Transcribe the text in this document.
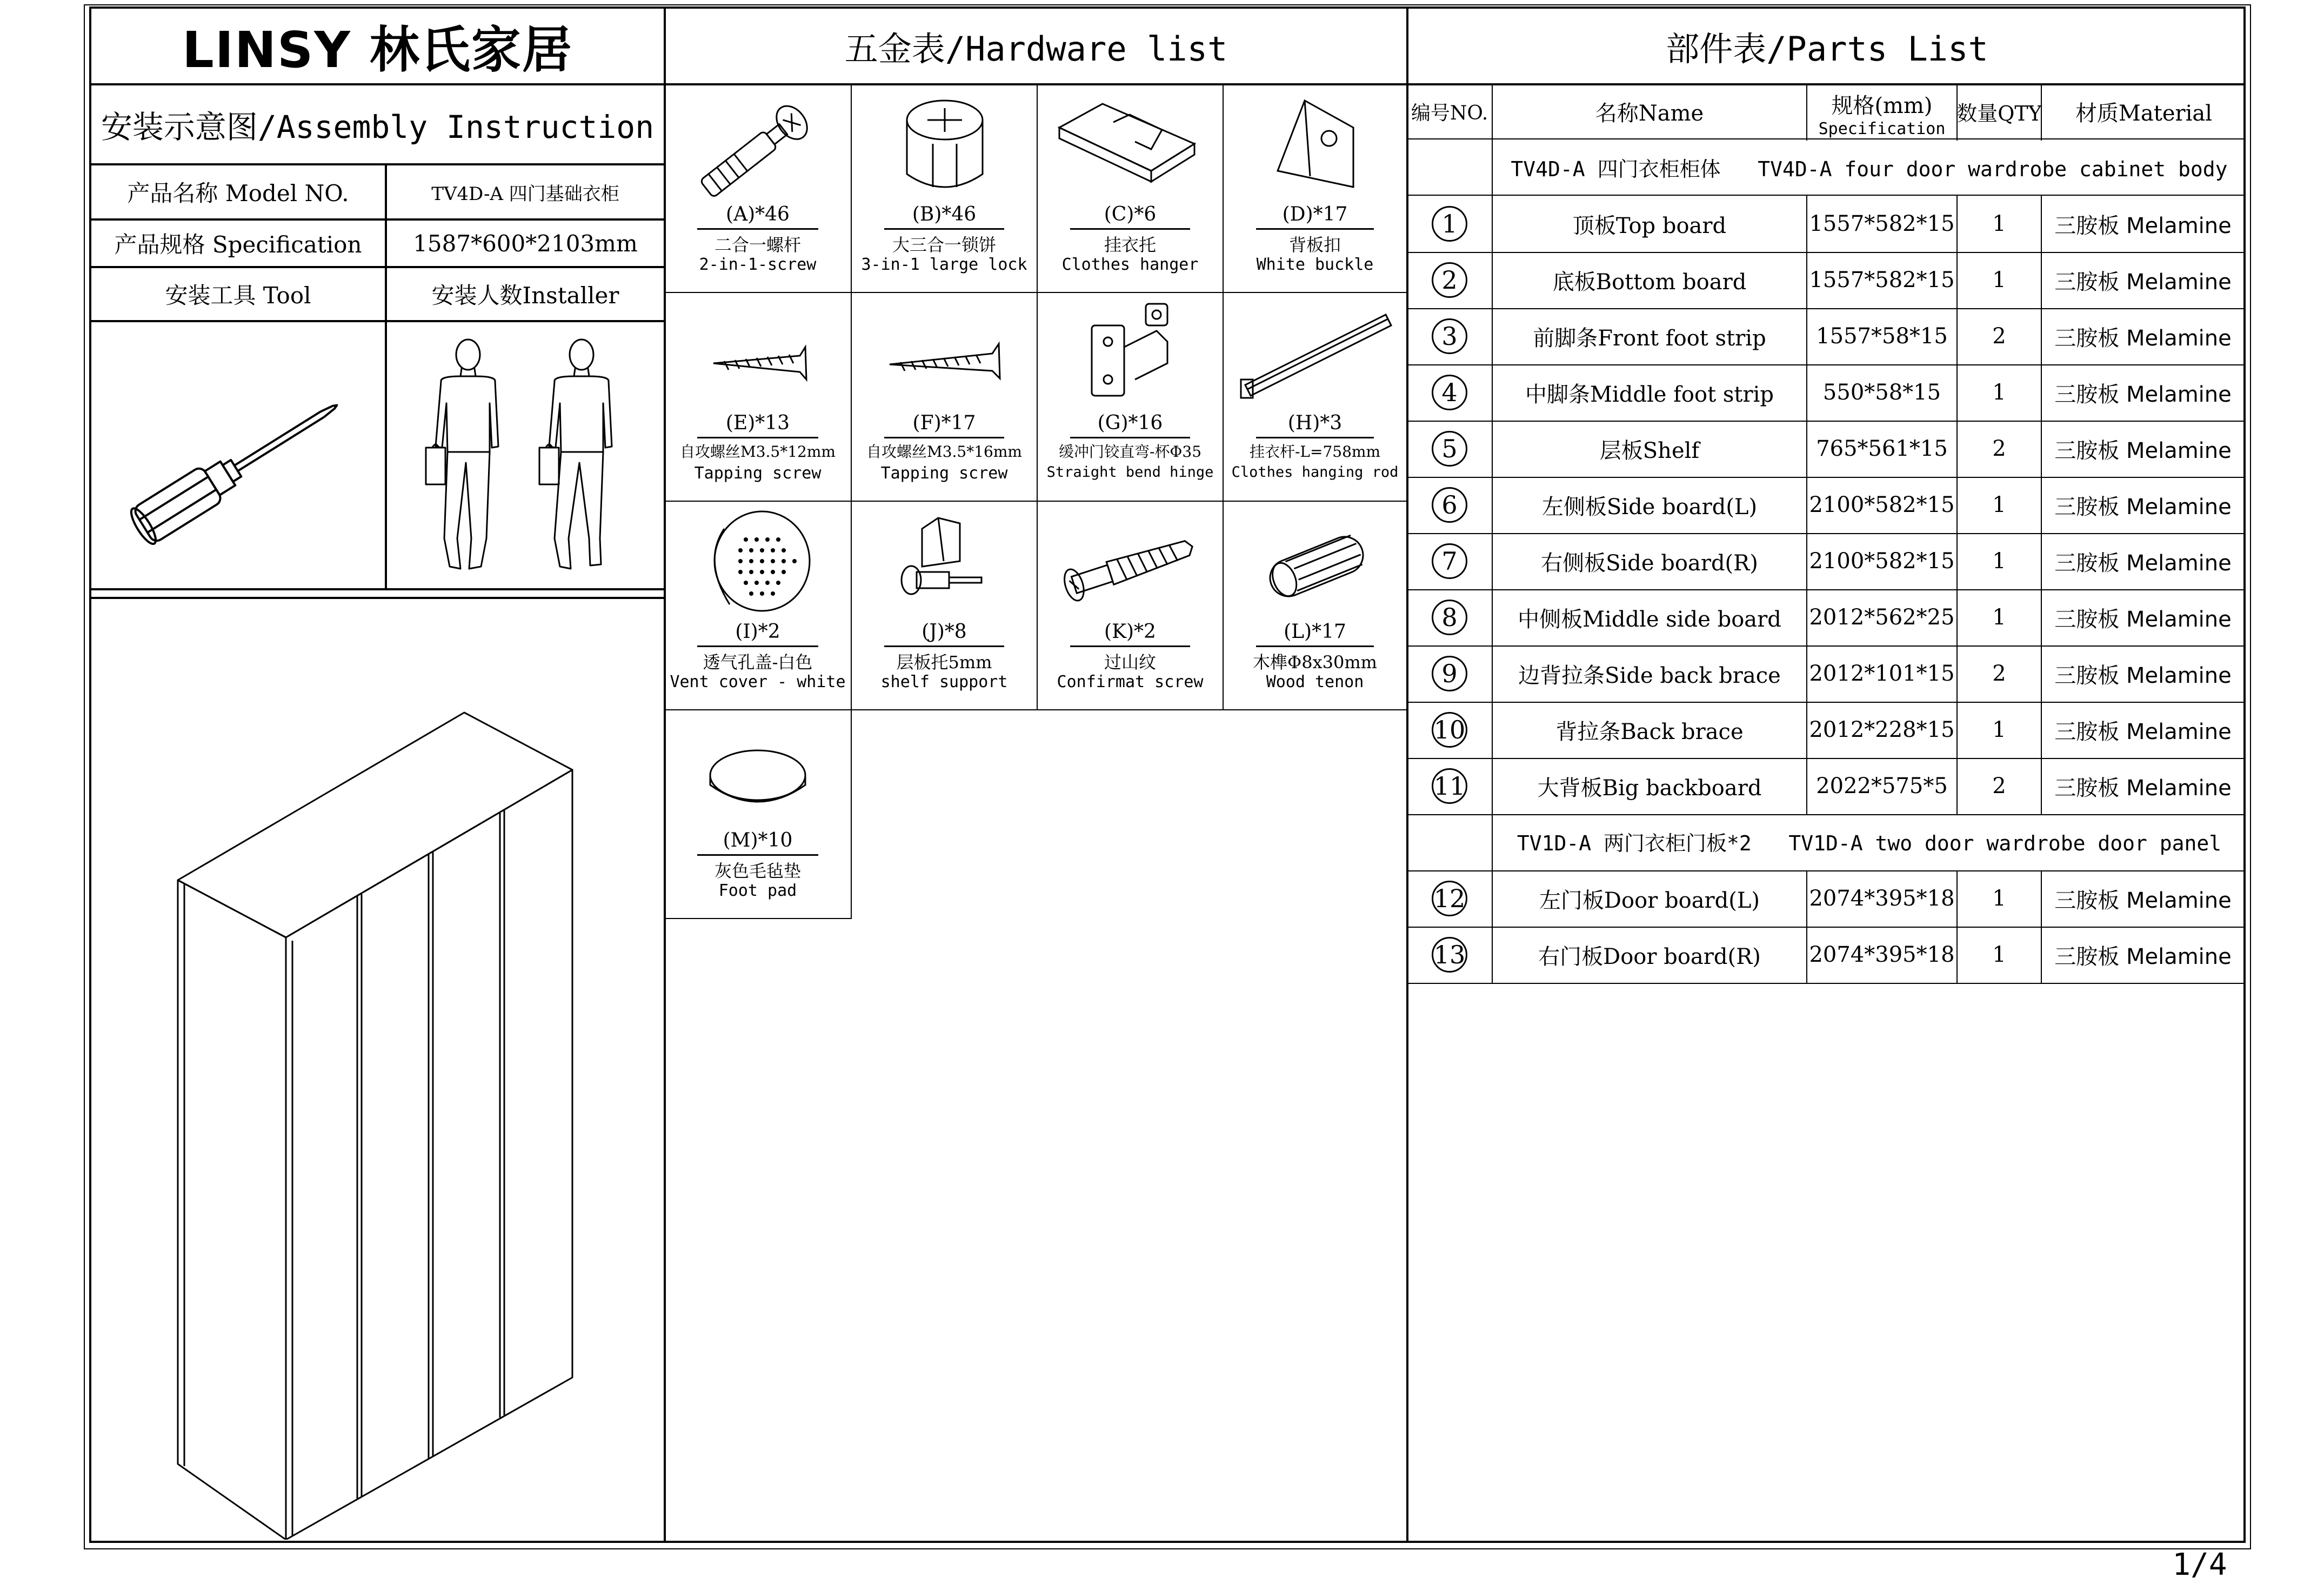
LINSY 林氏家居	五金表/Hardware list	部件表/Parts List
安装示意图/Assembly Instruction
产品名称 Model NO.	TV4D-A 四门基础衣柜
产品规格 Specification	1587*600*2103mm
安装工具 Tool	安装人数Installer
(A)*46
二合一螺杆
2-in-1-screw
(B)*46
大三合一锁饼
3-in-1 large lock
(C)*6
挂衣托
Clothes hanger
(D)*17
背板扣
White buckle
(E)*13
自攻螺丝M3.5*12mm
Tapping screw
(F)*17
自攻螺丝M3.5*16mm
Tapping screw
(G)*16
缓冲门铰直弯-杯Φ35
Straight bend hinge
(H)*3
挂衣杆-L=758mm
Clothes hanging rod
(I)*2
透气孔盖-白色
Vent cover - white
(J)*8
层板托5mm
shelf support
(K)*2
过山纹
Confirmat screw
(L)*17
木榫Φ8x30mm
Wood tenon
(M)*10
灰色毛毡垫
Foot pad
编号NO.	名称Name	规格(mm)
Specification
数量QTY	材质Material
TV4D-A 四门衣柜柜体   TV4D-A four door wardrobe cabinet body
1	顶板Top board	1557*582*15	1	三胺板 Melamine
2	底板Bottom board	1557*582*15	1	三胺板 Melamine
3	前脚条Front foot strip	1557*58*15	2	三胺板 Melamine
4	中脚条Middle foot strip	550*58*15	1	三胺板 Melamine
5	层板Shelf	765*561*15	2	三胺板 Melamine
6	左侧板Side board(L)	2100*582*15	1	三胺板 Melamine
7	右侧板Side board(R)	2100*582*15	1	三胺板 Melamine
8	中侧板Middle side board	2012*562*25	1	三胺板 Melamine
9	边背拉条Side back brace	2012*101*15	2	三胺板 Melamine
10	背拉条Back brace	2012*228*15	1	三胺板 Melamine
11	大背板Big backboard	2022*575*5	2	三胺板 Melamine
TV1D-A 两门衣柜门板*2   TV1D-A two door wardrobe door panel
12	左门板Door board(L)	2074*395*18	1	三胺板 Melamine
13	右门板Door board(R)	2074*395*18	1	三胺板 Melamine
1/4
